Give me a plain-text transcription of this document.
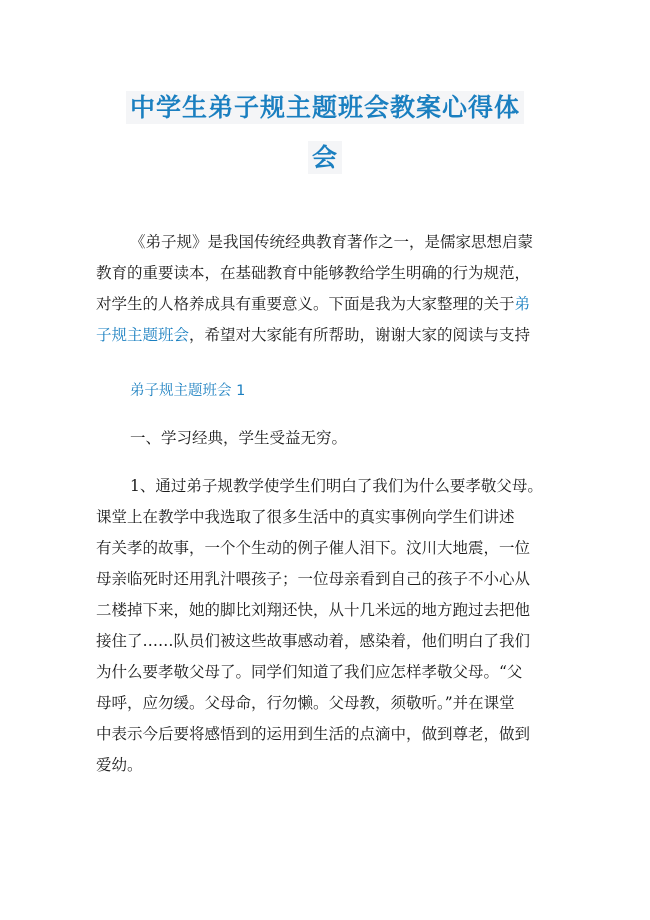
中学生弟子规主题班会教案心得体
会
《弟子规》是我国传统经典教育著作之一，是儒家思想启蒙
教育的重要读本，在基础教育中能够教给学生明确的行为规范，
对学生的人格养成具有重要意义。下面是我为大家整理的关于弟
子规主题班会，希望对大家能有所帮助，谢谢大家的阅读与支持
弟子规主题班会 1
一、学习经典，学生受益无穷。
1、通过弟子规教学使学生们明白了我们为什么要孝敬父母。
课堂上在教学中我选取了很多生活中的真实事例向学生们讲述
有关孝的故事，一个个生动的例子催人泪下。汶川大地震，一位
母亲临死时还用乳汁喂孩子；一位母亲看到自己的孩子不小心从
二楼掉下来，她的脚比刘翔还快，从十几米远的地方跑过去把他
接住了……队员们被这些故事感动着，感染着，他们明白了我们
为什么要孝敬父母了。同学们知道了我们应怎样孝敬父母。“父
母呼，应勿缓。父母命，行勿懒。父母教，须敬听。”并在课堂
中表示今后要将感悟到的运用到生活的点滴中，做到尊老，做到
爱幼。
